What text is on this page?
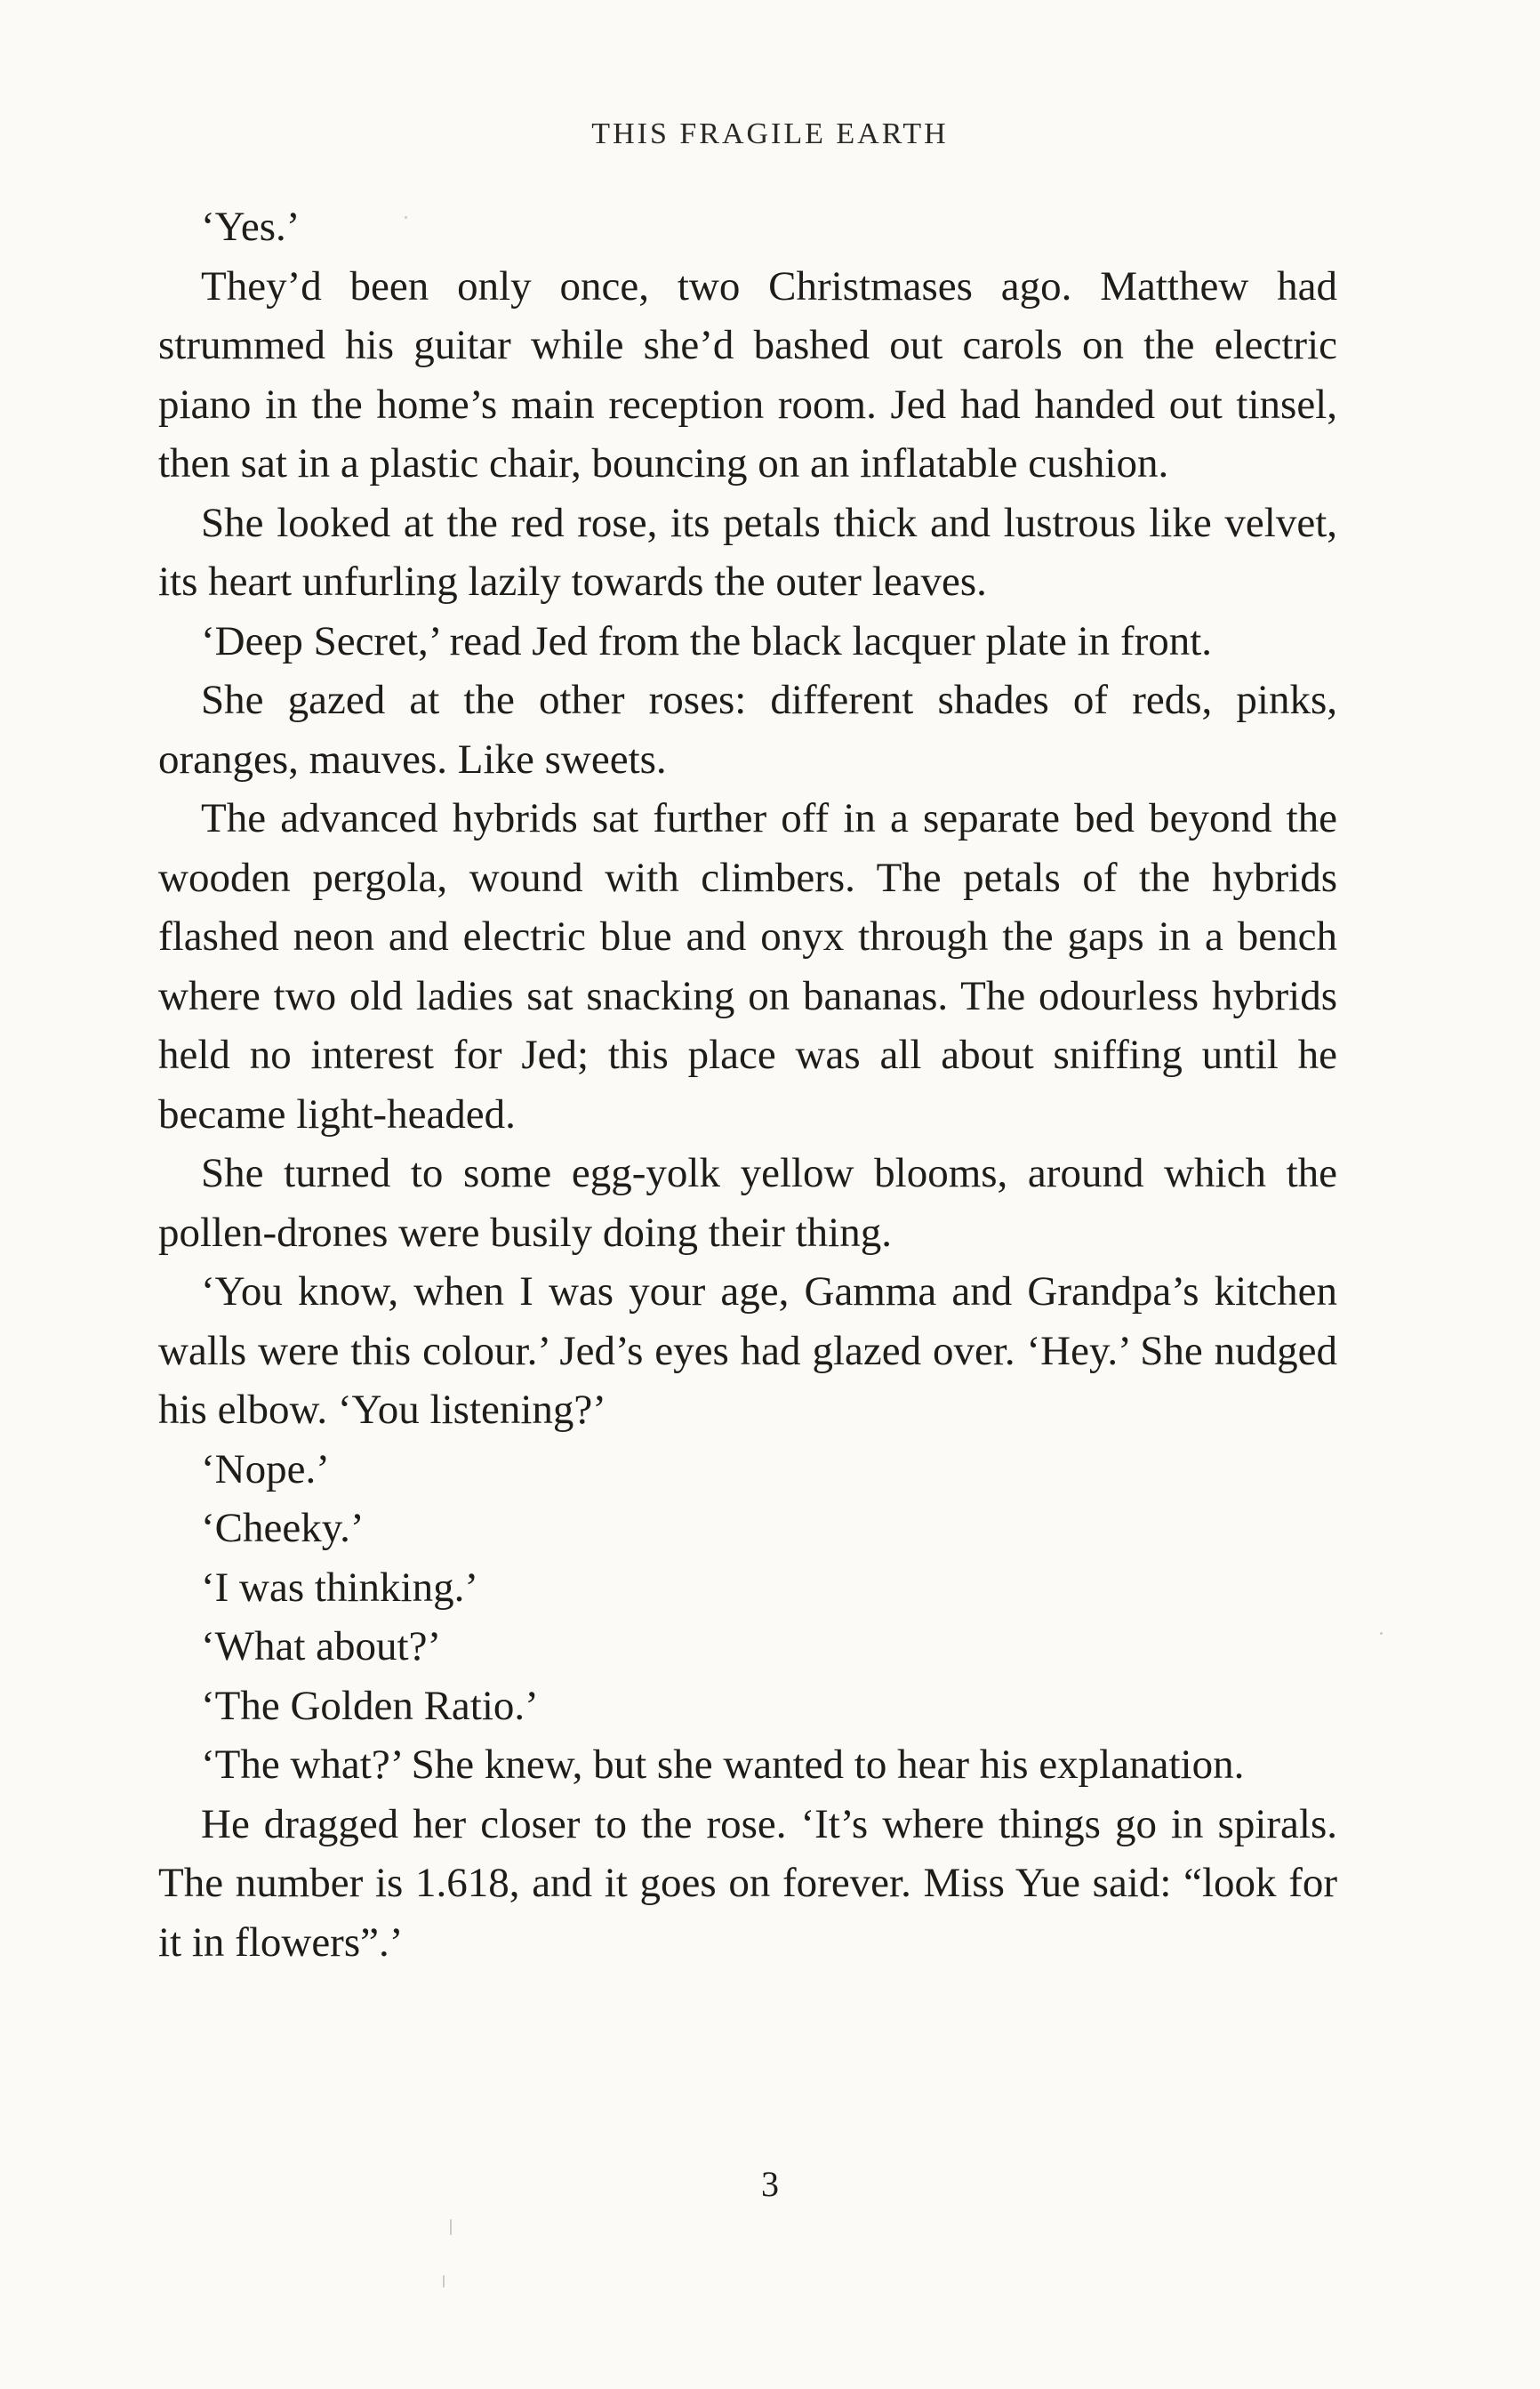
THIS FRAGILE EARTH

‘Yes.’

They’d been only once, two Christmases ago. Matthew had strummed his guitar while she’d bashed out carols on the electric piano in the home’s main reception room. Jed had handed out tinsel, then sat in a plastic chair, bouncing on an inflatable cushion.

She looked at the red rose, its petals thick and lustrous like velvet, its heart unfurling lazily towards the outer leaves.

‘Deep Secret,’ read Jed from the black lacquer plate in front.

She gazed at the other roses: different shades of reds, pinks, oranges, mauves. Like sweets.

The advanced hybrids sat further off in a separate bed beyond the wooden pergola, wound with climbers. The petals of the hybrids flashed neon and electric blue and onyx through the gaps in a bench where two old ladies sat snacking on bananas. The odourless hybrids held no interest for Jed; this place was all about sniffing until he became light-headed.

She turned to some egg-yolk yellow blooms, around which the pollen-drones were busily doing their thing.

‘You know, when I was your age, Gamma and Grandpa’s kitchen walls were this colour.’ Jed’s eyes had glazed over. ‘Hey.’ She nudged his elbow. ‘You listening?’

‘Nope.’

‘Cheeky.’

‘I was thinking.’

‘What about?’

‘The Golden Ratio.’

‘The what?’ She knew, but she wanted to hear his explanation.

He dragged her closer to the rose. ‘It’s where things go in spirals. The number is 1.618, and it goes on forever. Miss Yue said: “look for it in flowers”.’

3
